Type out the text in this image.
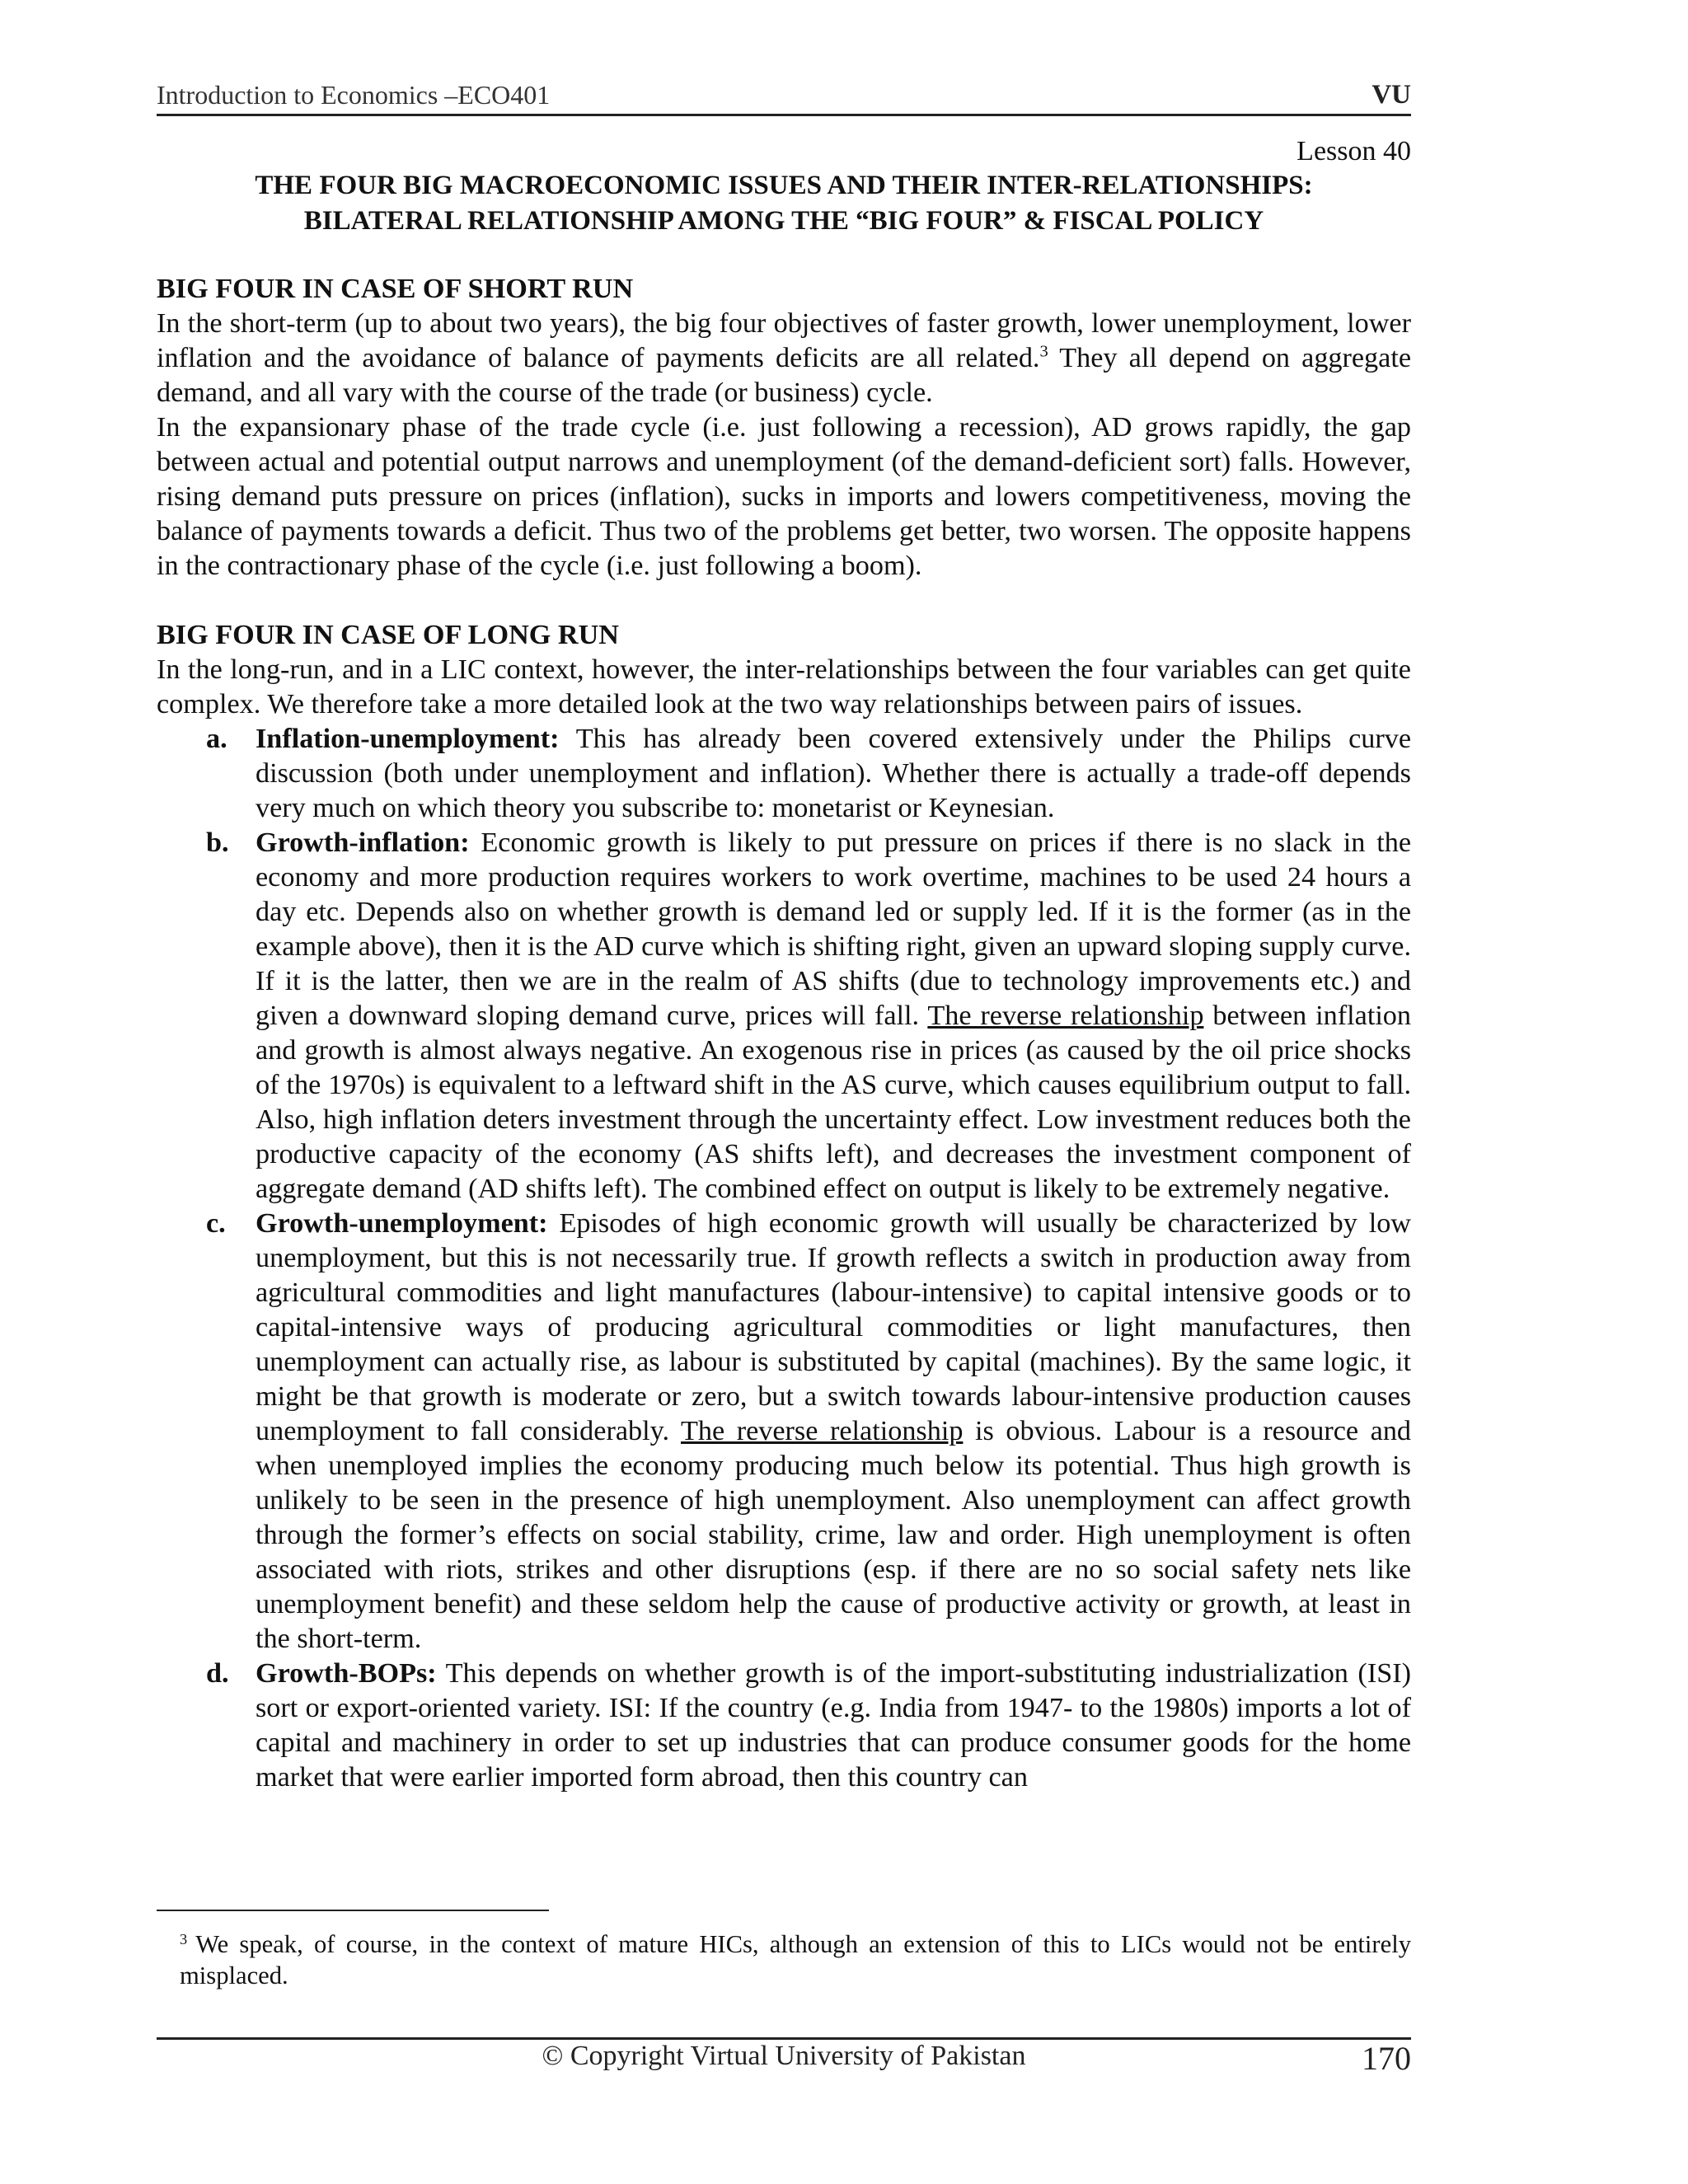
Introduction to Economics –ECO401	VU
Lesson 40
THE FOUR BIG MACROECONOMIC ISSUES AND THEIR INTER-RELATIONSHIPS:
BILATERAL RELATIONSHIP AMONG THE “BIG FOUR” & FISCAL POLICY

BIG FOUR IN CASE OF SHORT RUN

In the short-term (up to about two years), the big four objectives of faster growth, lower unemployment, lower inflation and the avoidance of balance of payments deficits are all related.$^3$ They all depend on aggregate demand, and all vary with the course of the trade (or business) cycle.

In the expansionary phase of the trade cycle (i.e. just following a recession), AD grows rapidly, the gap between actual and potential output narrows and unemployment (of the demand-deficient sort) falls. However, rising demand puts pressure on prices (inflation), sucks in imports and lowers competitiveness, moving the balance of payments towards a deficit. Thus two of the problems get better, two worsen. The opposite happens in the contractionary phase of the cycle (i.e. just following a boom).

BIG FOUR IN CASE OF LONG RUN

In the long-run, and in a LIC context, however, the inter-relationships between the four variables can get quite complex. We therefore take a more detailed look at the two way relationships between pairs of issues.

a. Inflation-unemployment: This has already been covered extensively under the Philips curve discussion (both under unemployment and inflation). Whether there is actually a trade-off depends very much on which theory you subscribe to: monetarist or Keynesian.
b. Growth-inflation: Economic growth is likely to put pressure on prices if there is no slack in the economy and more production requires workers to work overtime, machines to be used 24 hours a day etc. Depends also on whether growth is demand led or supply led. If it is the former (as in the example above), then it is the AD curve which is shifting right, given an upward sloping supply curve. If it is the latter, then we are in the realm of AS shifts (due to technology improvements etc.) and given a downward sloping demand curve, prices will fall. The reverse relationship between inflation and growth is almost always negative. An exogenous rise in prices (as caused by the oil price shocks of the 1970s) is equivalent to a leftward shift in the AS curve, which causes equilibrium output to fall. Also, high inflation deters investment through the uncertainty effect. Low investment reduces both the productive capacity of the economy (AS shifts left), and decreases the investment component of aggregate demand (AD shifts left). The combined effect on output is likely to be extremely negative.
c. Growth-unemployment: Episodes of high economic growth will usually be characterized by low unemployment, but this is not necessarily true. If growth reflects a switch in production away from agricultural commodities and light manufactures (labour-intensive) to capital intensive goods or to capital-intensive ways of producing agricultural commodities or light manufactures, then unemployment can actually rise, as labour is substituted by capital (machines). By the same logic, it might be that growth is moderate or zero, but a switch towards labour-intensive production causes unemployment to fall considerably. The reverse relationship is obvious. Labour is a resource and when unemployed implies the economy producing much below its potential. Thus high growth is unlikely to be seen in the presence of high unemployment. Also unemployment can affect growth through the former’s effects on social stability, crime, law and order. High unemployment is often associated with riots, strikes and other disruptions (esp. if there are no so social safety nets like unemployment benefit) and these seldom help the cause of productive activity or growth, at least in the short-term.
d. Growth-BOPs: This depends on whether growth is of the import-substituting industrialization (ISI) sort or export-oriented variety. ISI: If the country (e.g. India from 1947- to the 1980s) imports a lot of capital and machinery in order to set up industries that can produce consumer goods for the home market that were earlier imported form abroad, then this country can
$^3$ We speak, of course, in the context of mature HICs, although an extension of this to LICs would not be entirely misplaced.
© Copyright Virtual University of Pakistan	170
